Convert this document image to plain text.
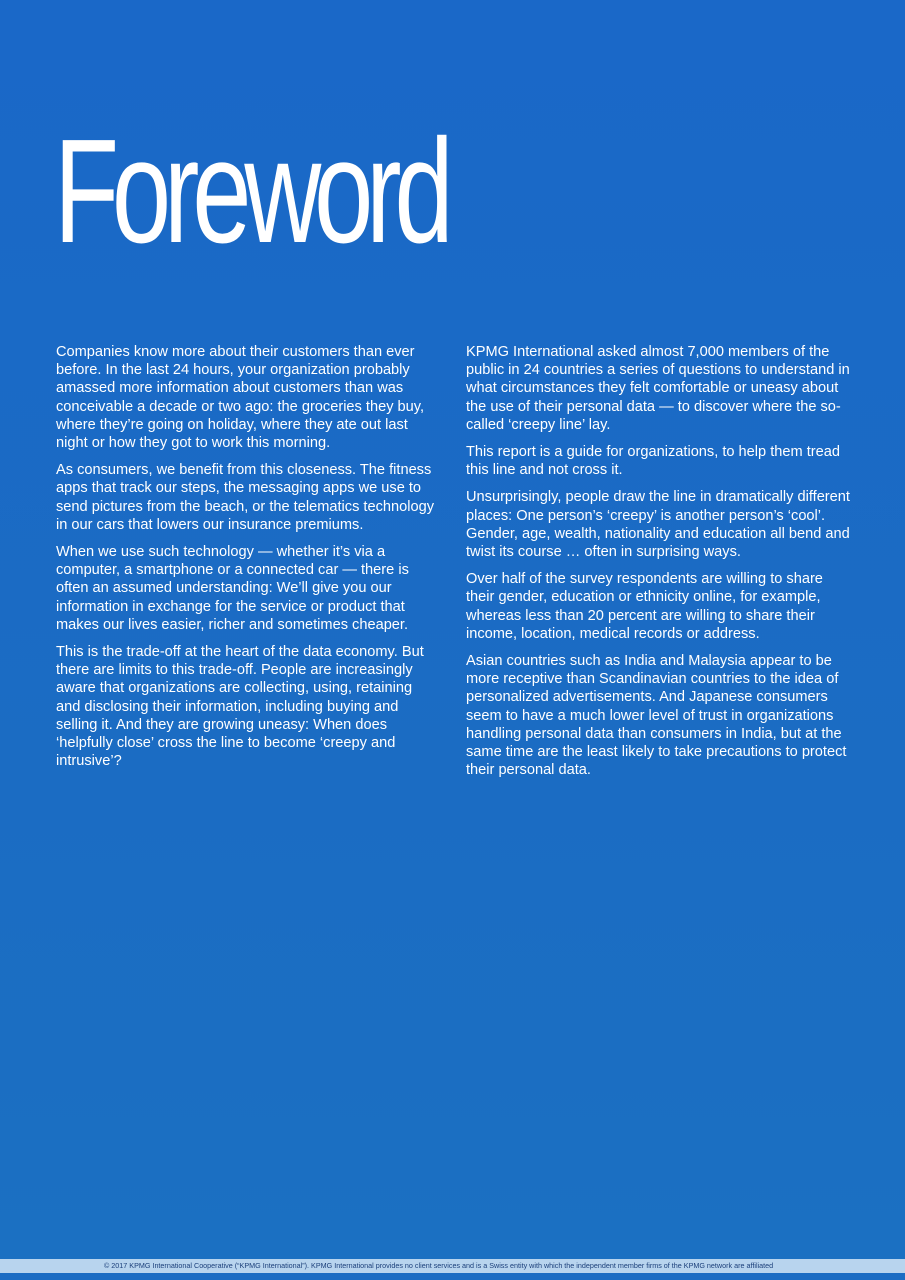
Foreword

Companies know more about their customers than ever before. In the last 24 hours, your organization probably amassed more information about customers than was conceivable a decade or two ago: the groceries they buy, where they’re going on holiday, where they ate out last night or how they got to work this morning.

As consumers, we benefit from this closeness. The fitness apps that track our steps, the messaging apps we use to send pictures from the beach, or the telematics technology in our cars that lowers our insurance premiums.

When we use such technology — whether it’s via a computer, a smartphone or a connected car — there is often an assumed understanding: We’ll give you our information in exchange for the service or product that makes our lives easier, richer and sometimes cheaper.

This is the trade-off at the heart of the data economy. But there are limits to this trade-off. People are increasingly aware that organizations are collecting, using, retaining and disclosing their information, including buying and selling it. And they are growing uneasy: When does ‘helpfully close’ cross the line to become ‘creepy and intrusive’?

KPMG International asked almost 7,000 members of the public in 24 countries a series of questions to understand in what circumstances they felt comfortable or uneasy about the use of their personal data — to discover where the so-called ‘creepy line’ lay.

This report is a guide for organizations, to help them tread this line and not cross it.

Unsurprisingly, people draw the line in dramatically different places: One person’s ‘creepy’ is another person’s ‘cool’. Gender, age, wealth, nationality and education all bend and twist its course … often in surprising ways.

Over half of the survey respondents are willing to share their gender, education or ethnicity online, for example, whereas less than 20 percent are willing to share their income, location, medical records or address.

Asian countries such as India and Malaysia appear to be more receptive than Scandinavian countries to the idea of personalized advertisements. And Japanese consumers seem to have a much lower level of trust in organizations handling personal data than consumers in India, but at the same time are the least likely to take precautions to protect their personal data.

© 2017 KPMG International Cooperative (“KPMG International”). KPMG International provides no client services and is a Swiss entity with which the independent member firms of the KPMG network are affiliated
